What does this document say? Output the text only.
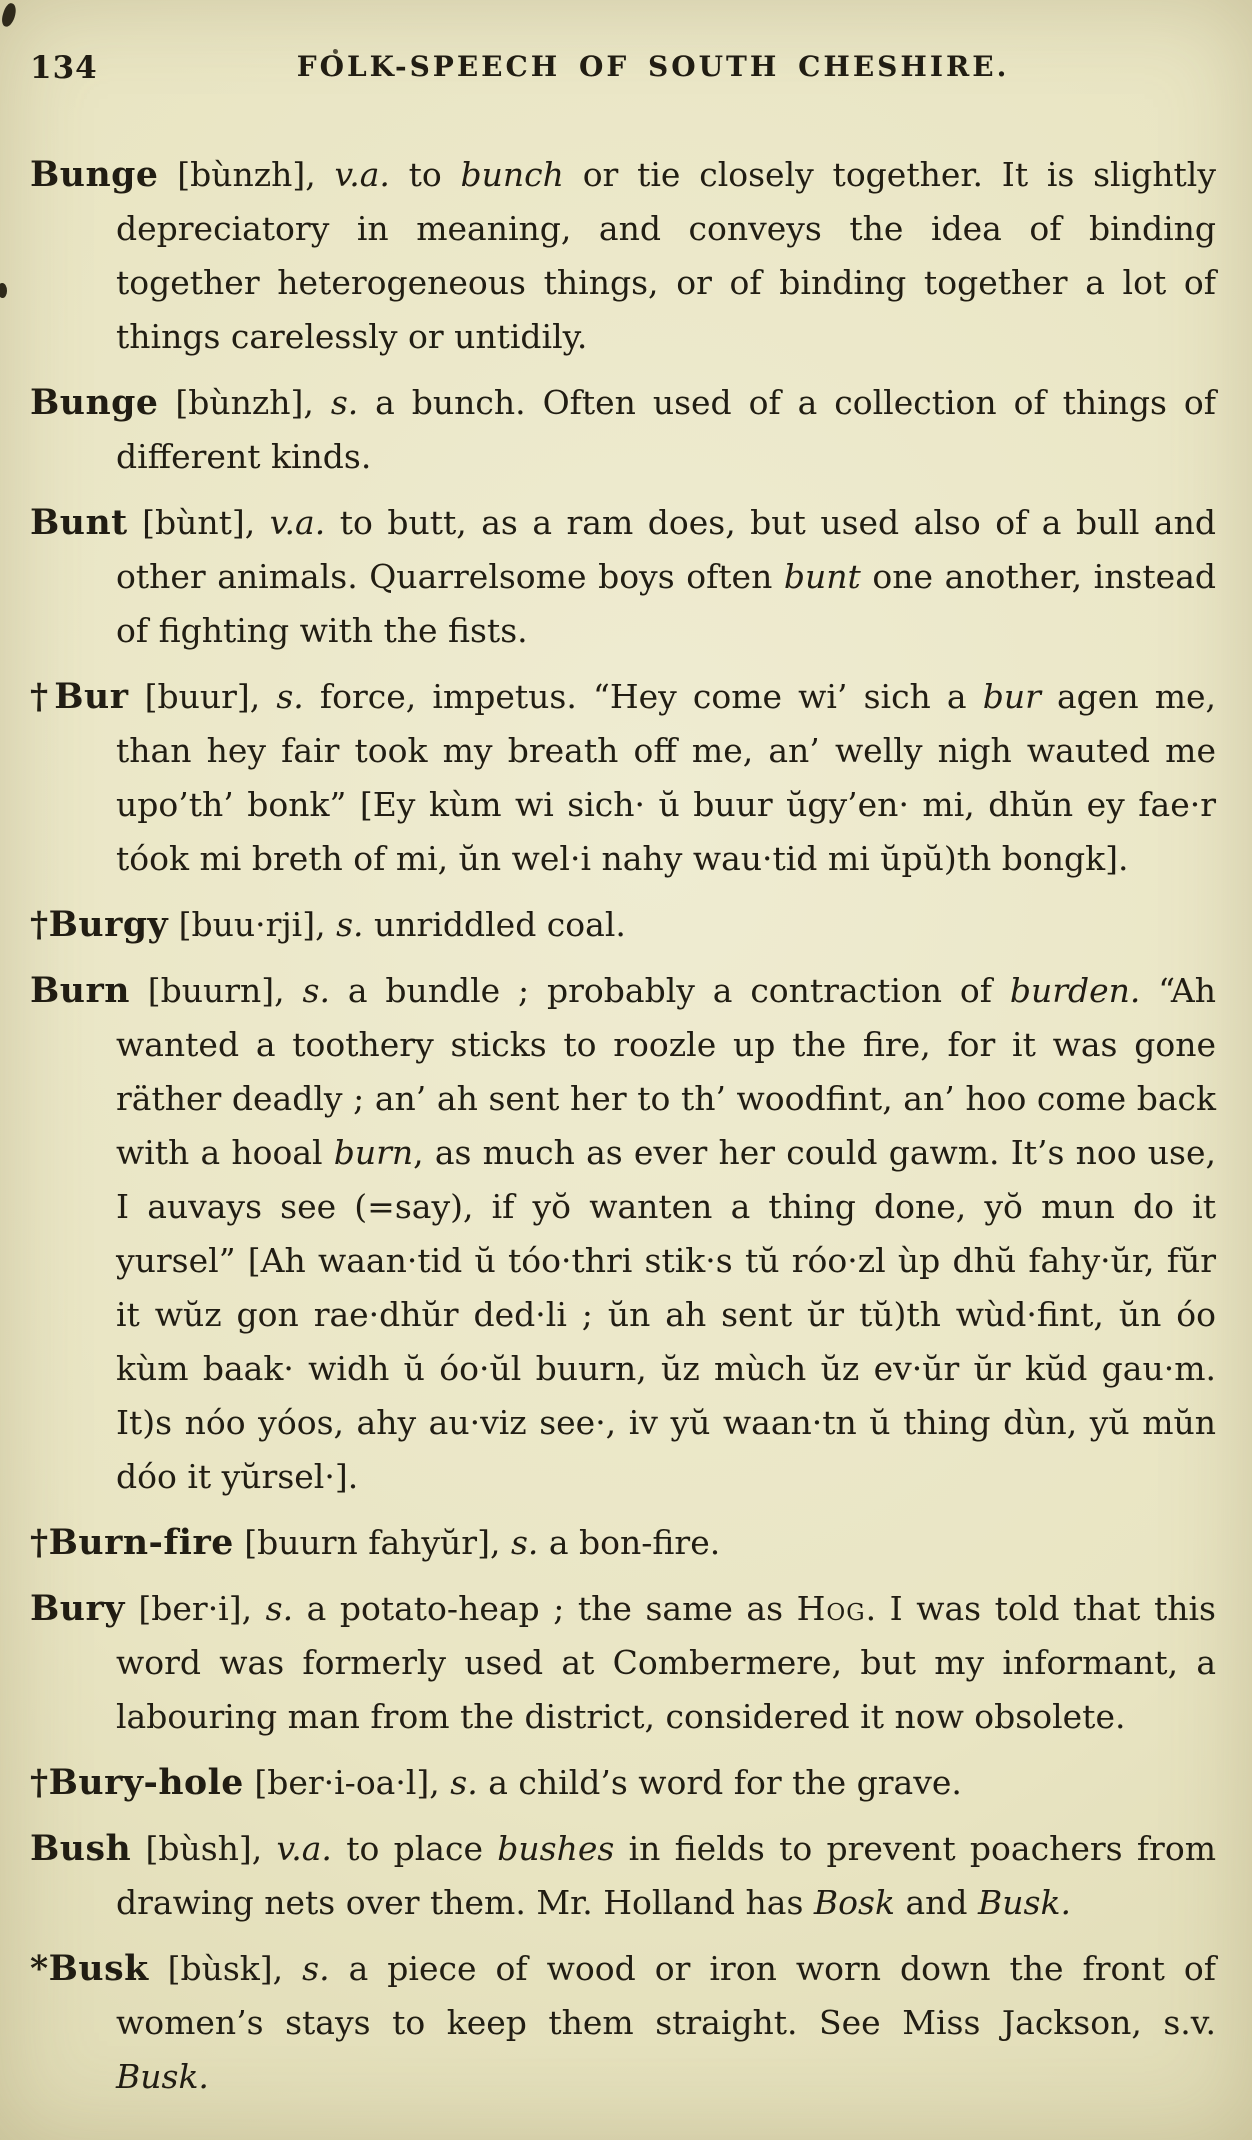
134	FOLK-SPEECH OF SOUTH CHESHIRE.

Bunge [bùnzh], v.a. to bunch or tie closely together. It is slightly depreciatory in meaning, and conveys the idea of binding together heterogeneous things, or of binding together a lot of things carelessly or untidily.

Bunge [bùnzh], s. a bunch. Often used of a collection of things of different kinds.

Bunt [bùnt], v.a. to butt, as a ram does, but used also of a bull and other animals. Quarrelsome boys often bunt one another, instead of fighting with the fists.

†Bur [buur], s. force, impetus. “Hey come wi’ sich a bur agen me, than hey fair took my breath off me, an’ welly nigh wauted me upo’th’ bonk” [Ey kùm wi sich· ŭ buur ŭgy’en· mi, dhŭn ey fae·r tóok mi breth of mi, ŭn wel·i nahy wau·tid mi ŭpŭ)th bongk].

†Burgy [buu·rji], s. unriddled coal.

Burn [buurn], s. a bundle ; probably a contraction of burden. “Ah wanted a toothery sticks to roozle up the fire, for it was gone räther deadly ; an’ ah sent her to th’ woodfint, an’ hoo come back with a hooal burn, as much as ever her could gawm. It’s noo use, I auvays see (=say), if yŏ wanten a thing done, yŏ mun do it yursel” [Ah waan·tid ŭ tóo·thri stik·s tŭ róo·zl ùp dhŭ fahy·ŭr, fŭr it wŭz gon rae·dhŭr ded·li ; ŭn ah sent ŭr tŭ)th wùd·fint, ŭn óo kùm baak· widh ŭ óo·ŭl buurn, ŭz mùch ŭz ev·ŭr ŭr kŭd gau·m. It)s nóo yóos, ahy au·viz see·, iv yŭ waan·tn ŭ thing dùn, yŭ mŭn dóo it yŭrsel·].

†Burn-fire [buurn fahyŭr], s. a bon-fire.

Bury [ber·i], s. a potato-heap ; the same as Hog. I was told that this word was formerly used at Combermere, but my informant, a labouring man from the district, considered it now obsolete.

†Bury-hole [ber·i-oa·l], s. a child’s word for the grave.

Bush [bùsh], v.a. to place bushes in fields to prevent poachers from drawing nets over them. Mr. Holland has Bosk and Busk.

*Busk [bùsk], s. a piece of wood or iron worn down the front of women’s stays to keep them straight. See Miss Jackson, s.v. Busk.
